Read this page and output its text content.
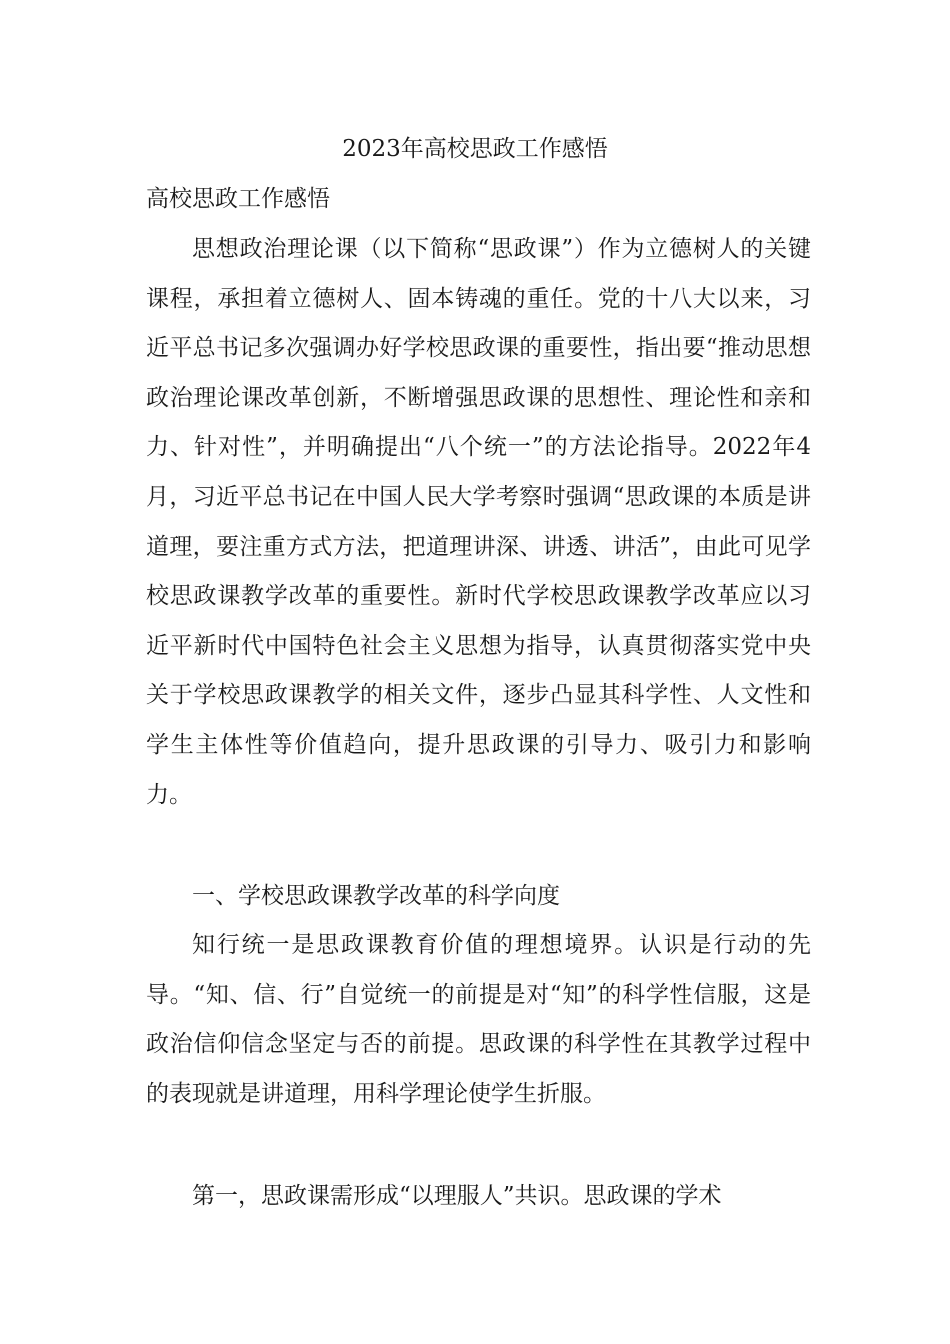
2023年高校思政工作感悟

高校思政工作感悟

思想政治理论课（以下简称“思政课”）作为立德树人的关键课程，承担着立德树人、固本铸魂的重任。党的十八大以来，习近平总书记多次强调办好学校思政课的重要性，指出要“推动思想政治理论课改革创新，不断增强思政课的思想性、理论性和亲和力、针对性”，并明确提出“八个统一”的方法论指导。2022年4月，习近平总书记在中国人民大学考察时强调“思政课的本质是讲道理，要注重方式方法，把道理讲深、讲透、讲活”，由此可见学校思政课教学改革的重要性。新时代学校思政课教学改革应以习近平新时代中国特色社会主义思想为指导，认真贯彻落实党中央关于学校思政课教学的相关文件，逐步凸显其科学性、人文性和学生主体性等价值趋向，提升思政课的引导力、吸引力和影响力。

一、学校思政课教学改革的科学向度

知行统一是思政课教育价值的理想境界。认识是行动的先导。“知、信、行”自觉统一的前提是对“知”的科学性信服，这是政治信仰信念坚定与否的前提。思政课的科学性在其教学过程中的表现就是讲道理，用科学理论使学生折服。

第一，思政课需形成“以理服人”共识。思政课的学术
